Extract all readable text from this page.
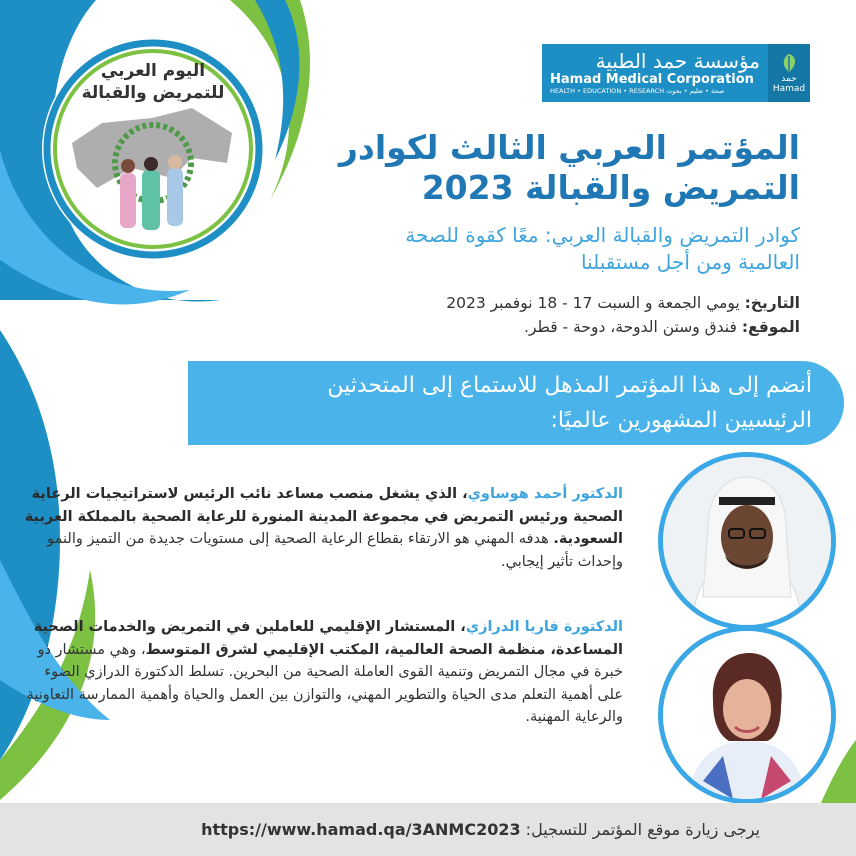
اليوم العربي
للتمريض والقبالة
مؤسسة حمد الطبية
Hamad Medical Corporation
HEALTH • EDUCATION • RESEARCH صحة • تعليم • بحوث
حمد
Hamad
المؤتمر العربي الثالث لكوادر
التمريض والقبالة 2023
كوادر التمريض والقبالة العربي: معًا كقوة للصحة
العالمية ومن أجل مستقبلنا
التاريخ: يومي الجمعة و السبت 17 - 18 نوفمبر 2023
الموقع: فندق وستن الدوحة، دوحة - قطر.
أنضم إلى هذا المؤتمر المذهل للاستماع إلى المتحدثين
الرئيسيين المشهورين عالميًا:
الدكتور أحمد هوساوي، الذي يشغل منصب مساعد نائب الرئيس لاستراتيجيات الرعاية الصحية ورئيس التمريض في مجموعة المدينة المنورة للرعاية الصحية بالمملكة العربية السعودية. هدفه المهني هو الارتقاء بقطاع الرعاية الصحية إلى مستويات جديدة من التميز والنمو وإحداث تأثير إيجابي.
الدكتورة فاريا الدرازي، المستشار الإقليمي للعاملين في التمريض والخدمات الصحية المساعدة، منظمة الصحة العالمية، المكتب الإقليمي لشرق المتوسط، وهي مستشار ذو خبرة في مجال التمريض وتنمية القوى العاملة الصحية من البحرين. تسلط الدكتورة الدرازي الضوء على أهمية التعلم مدى الحياة والتطوير المهني، والتوازن بين العمل والحياة وأهمية الممارسة التعاونية والرعاية المهنية.
يرجى زيارة موقع المؤتمر للتسجيل: https://www.hamad.qa/3ANMC2023
